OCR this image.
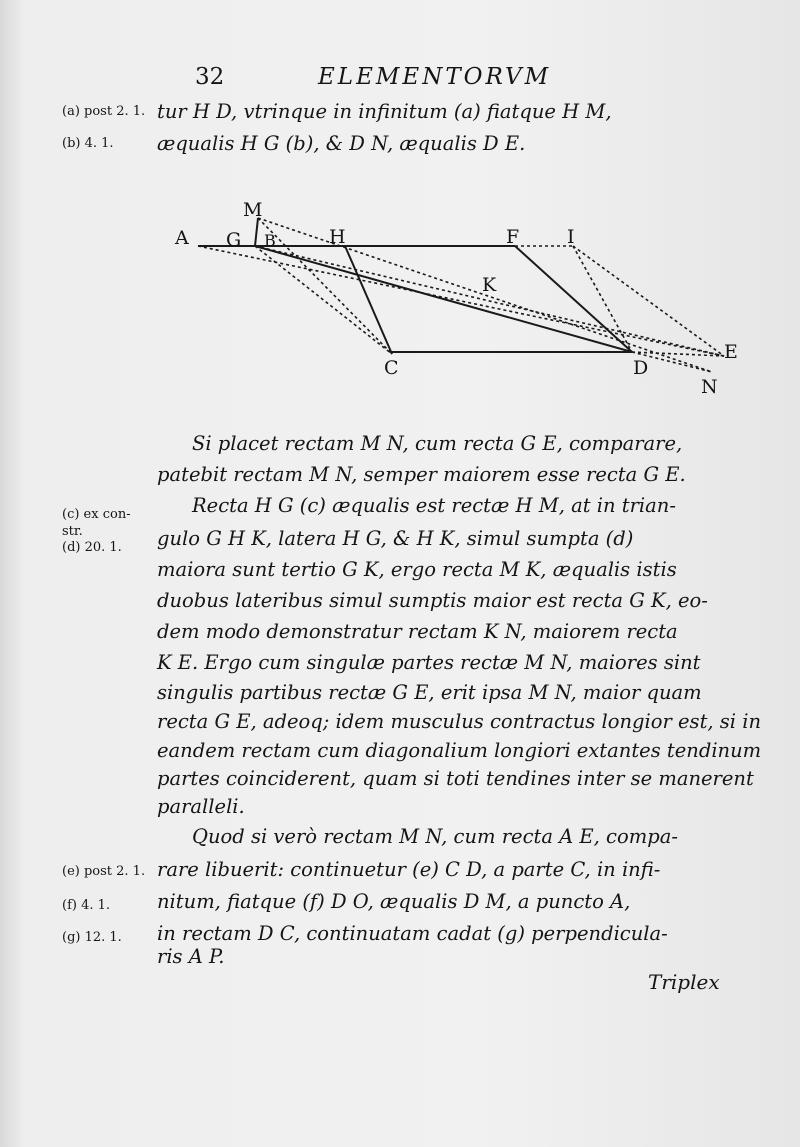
32	ELEMENTORVM
(a) post 2. 1.
(b) 4. 1.
(c) ex con-
str.
(d) 20. 1.
(e) post 2. 1.
(f) 4. 1.
(g) 12. 1.
tur H D, vtrinque in infinitum (a) fiatque H M,
æqualis H G (b), & D N, æqualis D E.
M
A G B	H	F	I
K
C	D
E
N
Si placet rectam M N, cum recta G E, comparare,
patebit rectam M N, semper maiorem esse recta G E.
Recta H G (c) æqualis est rectæ H M, at in trian-
gulo G H K, latera H G, & H K, simul sumpta (d)
maiora sunt tertio G K, ergo recta M K, æqualis istis
duobus lateribus simul sumptis maior est recta G K, eo-
dem modo demonstratur rectam K N, maiorem recta
K E. Ergo cum singulæ partes rectæ M N, maiores sint
singulis partibus rectæ G E, erit ipsa M N, maior quam
recta G E, adeoq; idem musculus contractus longior est, si in
eandem rectam cum diagonalium longiori extantes tendinum
partes coinciderent, quam si toti tendines inter se manerent
paralleli.
Quod si verò rectam M N, cum recta A E, compa-
rare libuerit: continuetur (e) C D, a parte C, in infi-
nitum, fiatque (f) D O, æqualis D M, a puncto A,
in rectam D C, continuatam cadat (g) perpendicula-
ris A P.
Triplex
